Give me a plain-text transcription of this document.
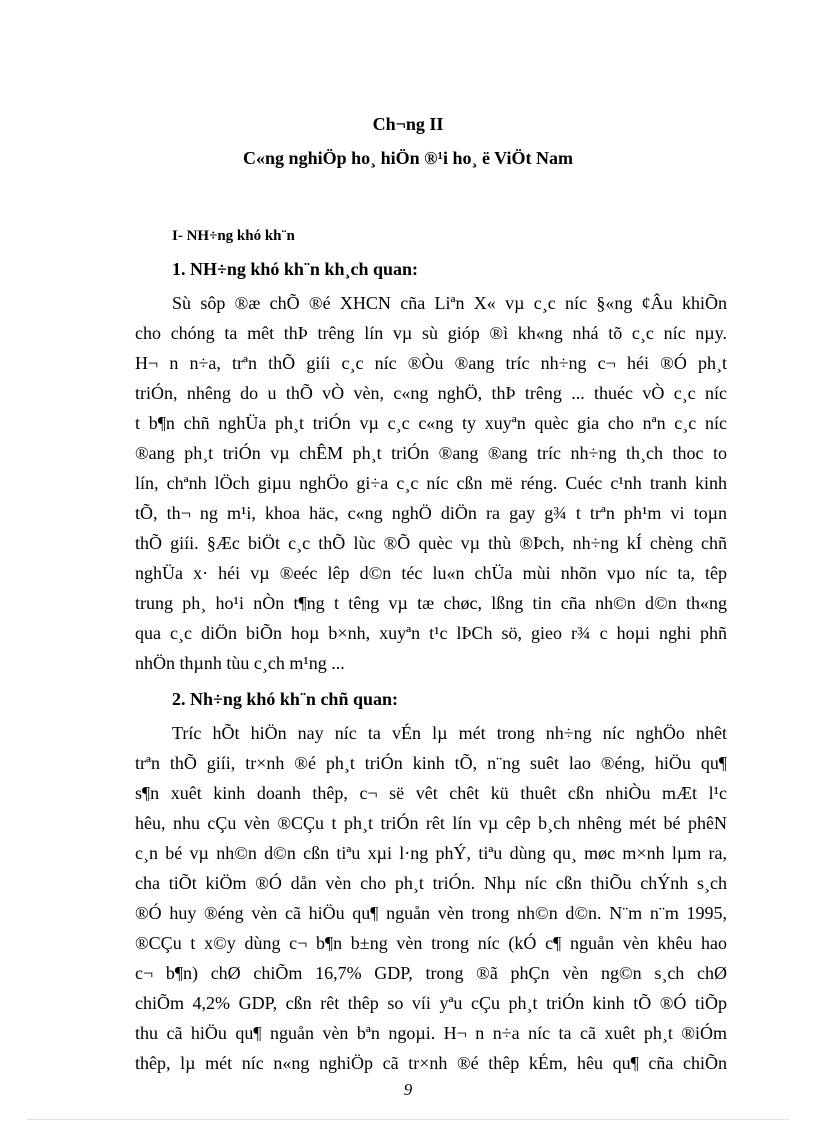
Ch¬ng II
C«ng nghiÖp ho¸ hiÖn ®¹i ho¸ ë ViÖt Nam
I- NH÷ng khó kh¨n
1. NH÷ng khó kh¨n kh¸ch quan:
Sù sôp ®æ chÕ ®é XHCN cña Liªn X« vµ c¸c níc §«ng ¢Âu khiÕn
cho chóng ta mêt thÞ trêng lín vµ sù gióp ®ì kh«ng nhá tõ c¸c níc nµy.
H¬ n n÷a, trªn thÕ giíi c¸c níc ®Òu ®ang tríc nh÷ng c¬ héi ®Ó ph¸t
triÓn, nhêng do u thÕ vÒ vèn, c«ng nghÖ, thÞ trêng ... thuéc vÒ c¸c níc
t b¶n chñ nghÜa ph¸t triÓn vµ c¸c c«ng ty xuyªn quèc gia cho nªn c¸c níc
®ang ph¸t triÓn vµ chÊM ph¸t triÓn ®ang ®ang tríc nh÷ng th¸ch thoc to
lín, chªnh lÖch giµu nghÖo gi÷a c¸c níc cßn më réng. Cuéc c¹nh tranh kinh
tÕ, th¬ ng m¹i, khoa häc, c«ng nghÖ diÖn ra gay g¾ t trªn ph¹m vi toµn
thÕ giíi. §Æc biÖt c¸c thÕ lùc ®Õ quèc vµ thù ®Þch, nh÷ng kÍ chèng chñ
nghÜa x· héi vµ ®eéc lêp d©n téc lu«n chÜa mùi nhõn vµo níc ta, têp
trung ph¸ ho¹i nÒn t¶ng t têng vµ tæ chøc, lßng tin cña nh©n d©n th«ng
qua c¸c diÖn biÕn hoµ b×nh, xuyªn t¹c lÞCh sö, gieo r¾ c hoµi nghi phñ
nhÖn thµnh tùu c¸ch m¹ng ...
2. Nh÷ng khó kh¨n chñ quan:
Tríc hÕt hiÖn nay níc ta vÉn lµ mét trong nh÷ng níc nghÖo nhêt
trªn thÕ giíi, tr×nh ®é ph¸t triÓn kinh tÕ, n¨ng suêt lao ®éng, hiÖu qu¶
s¶n xuêt kinh doanh thêp, c¬ së vêt chêt kü thuêt cßn nhiÒu mÆt l¹c
hêu, nhu cÇu vèn ®CÇu t ph¸t triÓn rêt lín vµ cêp b¸ch nhêng mét bé phêN
c¸n bé vµ nh©n d©n cßn tiªu xµi l·ng phÝ, tiªu dùng qu¸ møc m×nh lµm ra,
cha tiÕt kiÖm ®Ó dån vèn cho ph¸t triÓn. Nhµ níc cßn thiÕu chÝnh s¸ch
®Ó huy ®éng vèn cã hiÖu qu¶ nguån vèn trong nh©n d©n. N¨m n¨m 1995,
®CÇu t x©y dùng c¬ b¶n b±ng vèn trong níc (kÓ c¶ nguån vèn khêu hao
c¬ b¶n) chØ chiÕm 16,7% GDP, trong ®ã phÇn vèn ng©n s¸ch chØ
chiÕm 4,2% GDP, cßn rêt thêp so víi yªu cÇu ph¸t triÓn kinh tÕ ®Ó tiÕp
thu cã hiÖu qu¶ nguån vèn bªn ngoµi. H¬ n n÷a níc ta cã xuêt ph¸t ®iÓm
thêp, lµ mét níc n«ng nghiÖp cã tr×nh ®é thêp kÉm, hêu qu¶ cña chiÕn
9
